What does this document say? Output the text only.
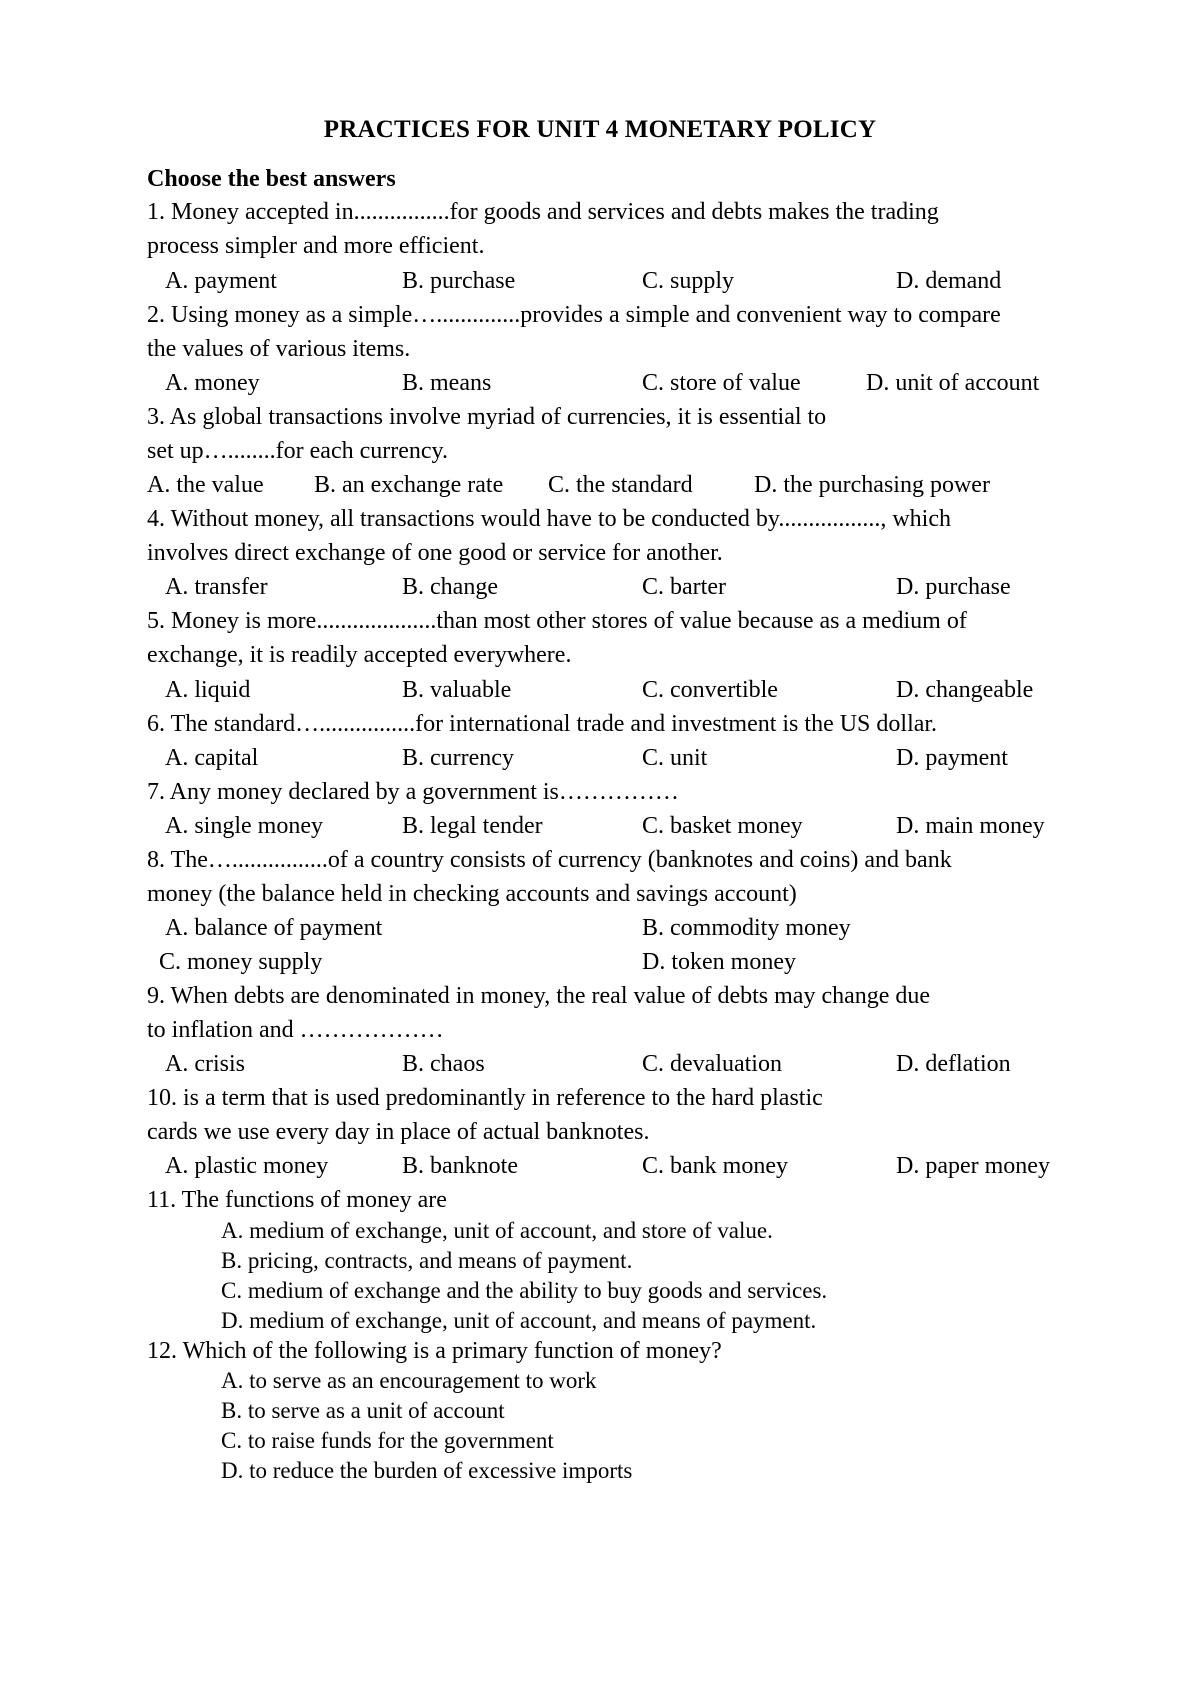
PRACTICES FOR UNIT 4 MONETARY POLICY
Choose the best answers
1. Money accepted in................for goods and services and debts makes the trading
process simpler and more efficient.
A. payment	B. purchase	C. supply	D. demand
2. Using money as a simple…..............provides a simple and convenient way to compare
the values of various items.
A. money	B. means	C. store of value	D. unit of account
3. As global transactions involve myriad of currencies, it is essential to
set up…........for each currency.
A. the value B. an exchange rate C. the standard	D. the purchasing power
4. Without money, all transactions would have to be conducted by................., which
involves direct exchange of one good or service for another.
A. transfer	B. change	C. barter	D. purchase
5. Money is more....................than most other stores of value because as a medium of
exchange, it is readily accepted everywhere.
A. liquid	B. valuable	C. convertible	D. changeable
6. The standard…................for international trade and investment is the US dollar.
A. capital	B. currency	C. unit	D. payment
7. Any money declared by a government is……………
A. single money	B. legal tender	C. basket money	D. main money
8. The…................of a country consists of currency (banknotes and coins) and bank
money (the balance held in checking accounts and savings account)
A. balance of payment	B. commodity money
C. money supply	D. token money
9. When debts are denominated in money, the real value of debts may change due
to inflation and ………………
A. crisis	B. chaos	C. devaluation	D. deflation
10. is a term that is used predominantly in reference to the hard plastic
cards we use every day in place of actual banknotes.
A. plastic money	B. banknote	C. bank money	D. paper money
11. The functions of money are
A. medium of exchange, unit of account, and store of value.
B. pricing, contracts, and means of payment.
C. medium of exchange and the ability to buy goods and services.
D. medium of exchange, unit of account, and means of payment.
12. Which of the following is a primary function of money?
A. to serve as an encouragement to work
B. to serve as a unit of account
C. to raise funds for the government
D. to reduce the burden of excessive imports
